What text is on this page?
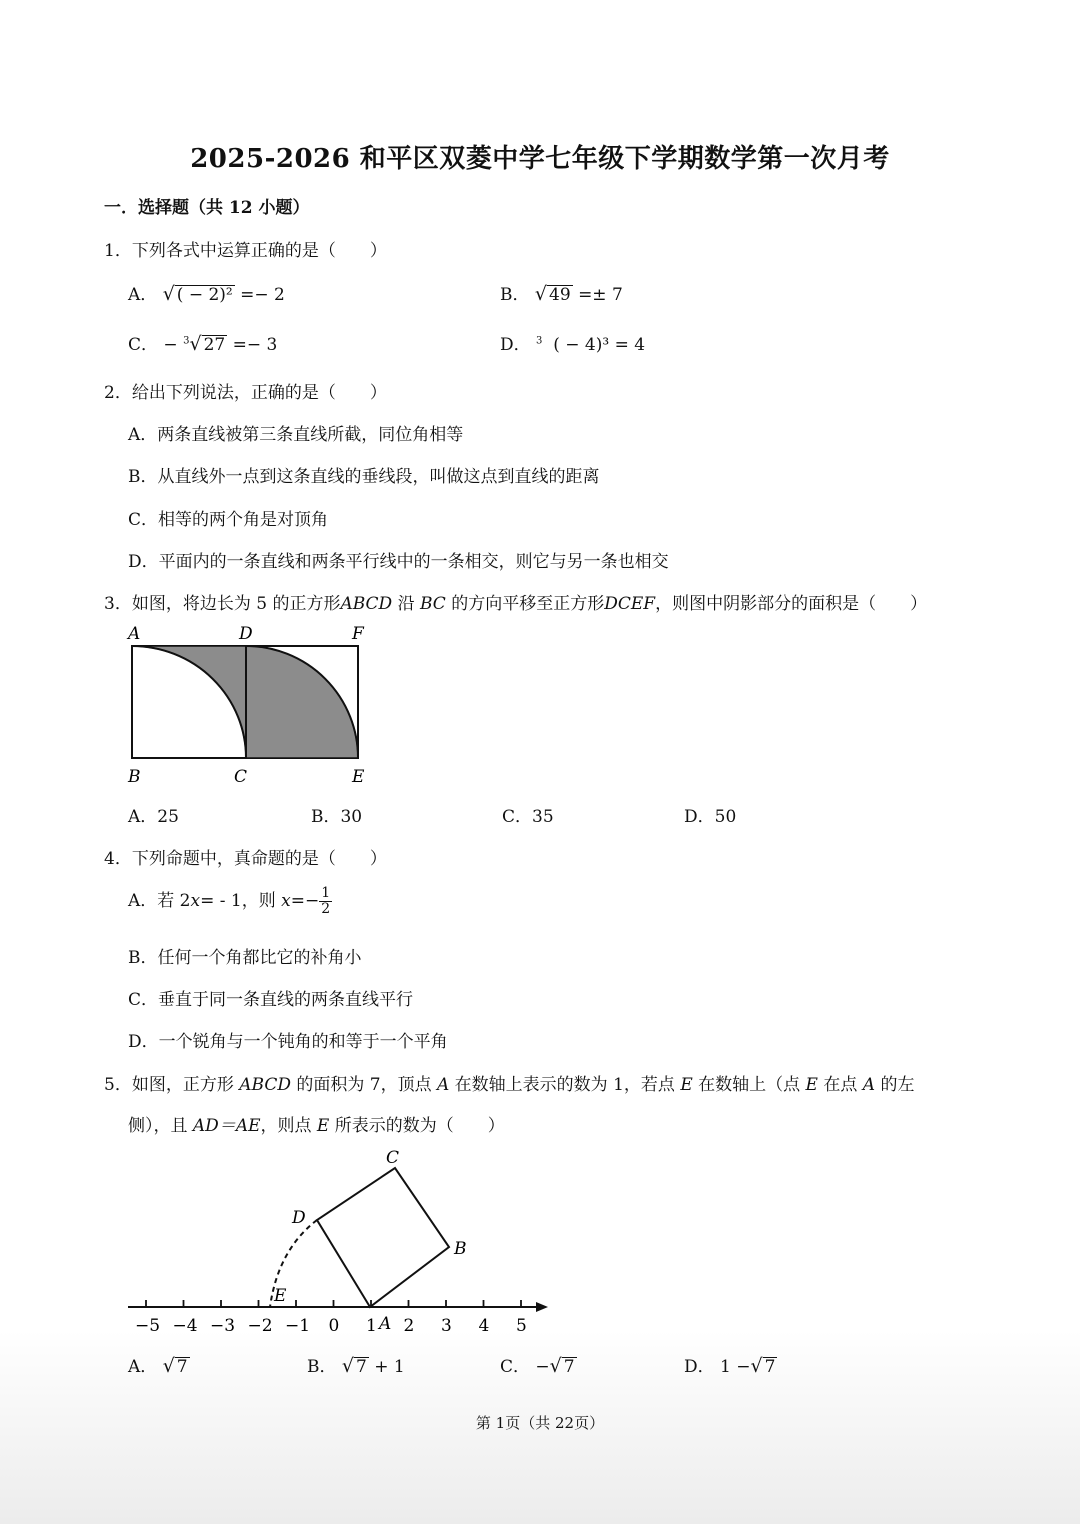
2025-2026 和平区双菱中学七年级下学期数学第一次月考
一．选择题（共 12 小题）
1．下列各式中运算正确的是（　　）
A． √ ( − 2)² =− 2	B． √ 49 =± 7
C． − $^3$√ 27 =− 3	D． $^3$ ( − 4)³ = 4
2．给出下列说法，正确的是（　　）
A．两条直线被第三条直线所截，同位角相等
B．从直线外一点到这条直线的垂线段，叫做这点到直线的距离
C．相等的两个角是对顶角
D．平面内的一条直线和两条平行线中的一条相交，则它与另一条也相交
3．如图，将边长为 5 的正方形ABCD 沿 BC 的方向平移至正方形DCEF，则图中阴影部分的面积是（　　）
A	D	F
B	C	E
A．25	B．30	C．35	D．50
4．下列命题中，真命题的是（　　）
A．若 2x= - 1，则 $x=- \frac{1}{2}$
B．任何一个角都比它的补角小
C．垂直于同一条直线的两条直线平行
D．一个锐角与一个钝角的和等于一个平角
5．如图，正方形 ABCD 的面积为 7，顶点 A 在数轴上表示的数为 1，若点 E 在数轴上（点 E 在点 A 的左
侧），且 AD＝AE，则点 E 所表示的数为（　　）
−5 −4 −3 −2 −1 0 1 2 3 4 5
C
D
B
E
A
A． √ 7	B． √ 7 + 1	C． −√ 7	D． 1 −√ 7
第 1页（共 22页）
